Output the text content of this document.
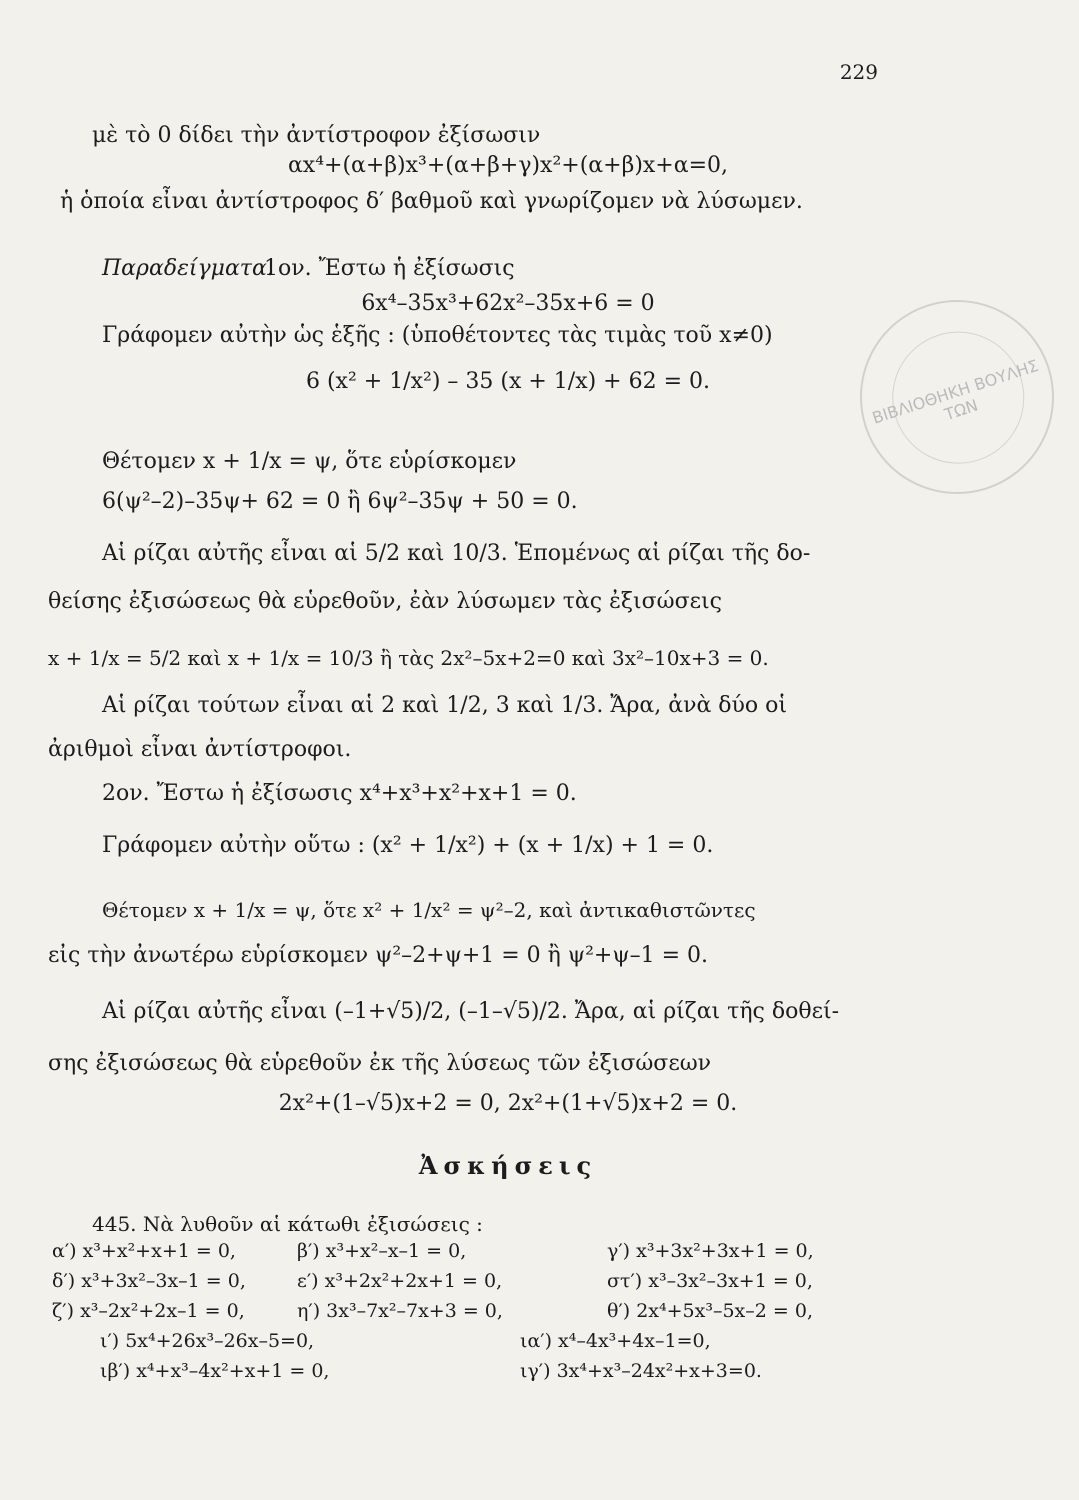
229
ΒΙΒΛΙΟΘΗΚΗ ΒΟΥΛΗΣ ΤΩΝ
μὲ τὸ 0 δίδει τὴν ἀντίστροφον ἐξίσωσιν
αx⁴+(α+β)x³+(α+β+γ)x²+(α+β)x+α=0,
ἡ ὁποία εἶναι ἀντίστροφος δ′ βαθμοῦ καὶ γνωρίζομεν νὰ λύσωμεν.
Παραδείγματα.
1ον. Ἔστω ἡ ἐξίσωσις
6x⁴–35x³+62x²–35x+6 = 0
Γράφομεν αὐτὴν ὡς ἑξῆς : (ὑποθέτοντες τὰς τιμὰς τοῦ x≠0)
6 (x² + 1/x²) – 35 (x + 1/x) + 62 = 0.
Θέτομεν x + 1/x = ψ, ὅτε εὑρίσκομεν
6(ψ²–2)–35ψ+ 62 = 0 ἢ 6ψ²–35ψ + 50 = 0.
Αἱ ρίζαι αὐτῆς εἶναι αἱ 5/2 καὶ 10/3. Ἑπομένως αἱ ρίζαι τῆς δο-
θείσης ἐξισώσεως θὰ εὑρεθοῦν, ἐὰν λύσωμεν τὰς ἐξισώσεις
x + 1/x = 5/2 καὶ x + 1/x = 10/3 ἢ τὰς 2x²–5x+2=0 καὶ 3x²–10x+3 = 0.
Αἱ ρίζαι τούτων εἶναι αἱ 2 καὶ 1/2, 3 καὶ 1/3. Ἄρα, ἀνὰ δύο οἱ
ἀριθμοὶ εἶναι ἀντίστροφοι.
2ον. Ἔστω ἡ ἐξίσωσις x⁴+x³+x²+x+1 = 0.
Γράφομεν αὐτὴν οὕτω : (x² + 1/x²) + (x + 1/x) + 1 = 0.
Θέτομεν x + 1/x = ψ, ὅτε x² + 1/x² = ψ²–2, καὶ ἀντικαθιστῶντες
εἰς τὴν ἀνωτέρω εὑρίσκομεν ψ²–2+ψ+1 = 0 ἢ ψ²+ψ–1 = 0.
Αἱ ρίζαι αὐτῆς εἶναι (–1+√5)/2, (–1–√5)/2. Ἄρα, αἱ ρίζαι τῆς δοθεί-
σης ἐξισώσεως θὰ εὑρεθοῦν ἐκ τῆς λύσεως τῶν ἐξισώσεων
2x²+(1–√5)x+2 = 0, 2x²+(1+√5)x+2 = 0.
Ἀσκήσεις
445. Νὰ λυθοῦν αἱ κάτωθι ἐξισώσεις :
α′) x³+x²+x+1 = 0,	β′) x³+x²–x–1 = 0,	γ′) x³+3x²+3x+1 = 0,
δ′) x³+3x²–3x–1 = 0,	ε′) x³+2x²+2x+1 = 0,	στ′) x³–3x²–3x+1 = 0,
ζ′) x³–2x²+2x–1 = 0,	η′) 3x³–7x²–7x+3 = 0,	θ′) 2x⁴+5x³–5x–2 = 0,
ι′) 5x⁴+26x³–26x–5=0,	ια′) x⁴–4x³+4x–1=0,
ιβ′) x⁴+x³–4x²+x+1 = 0,	ιγ′) 3x⁴+x³–24x²+x+3=0.
